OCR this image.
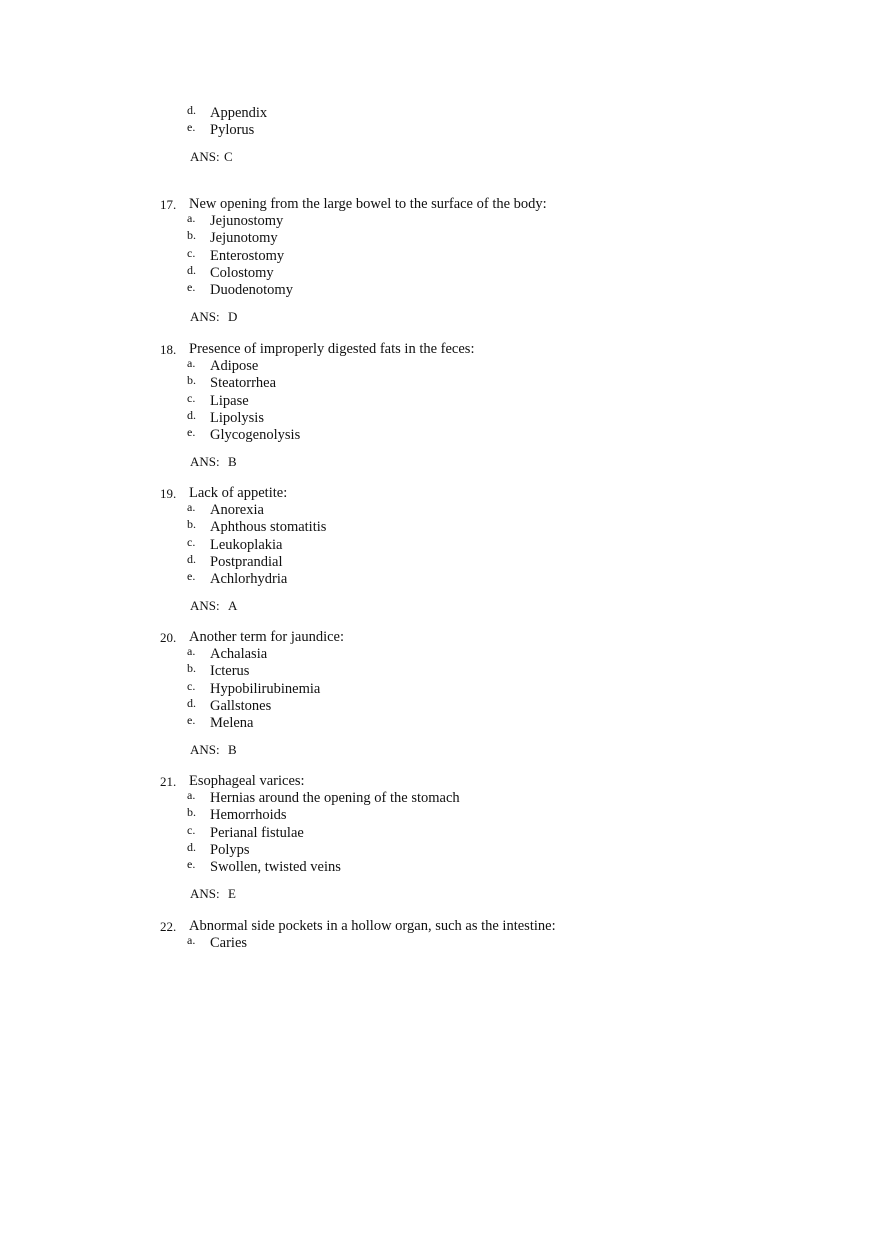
d. Appendix
e. Pylorus
ANS: C
17. New opening from the large bowel to the surface of the body:
a. Jejunostomy
b. Jejunotomy
c. Enterostomy
d. Colostomy
e. Duodenotomy
ANS: D
18. Presence of improperly digested fats in the feces:
a. Adipose
b. Steatorrhea
c. Lipase
d. Lipolysis
e. Glycogenolysis
ANS: B
19. Lack of appetite:
a. Anorexia
b. Aphthous stomatitis
c. Leukoplakia
d. Postprandial
e. Achlorhydria
ANS: A
20. Another term for jaundice:
a. Achalasia
b. Icterus
c. Hypobilirubinemia
d. Gallstones
e. Melena
ANS: B
21. Esophageal varices:
a. Hernias around the opening of the stomach
b. Hemorrhoids
c. Perianal fistulae
d. Polyps
e. Swollen, twisted veins
ANS: E
22. Abnormal side pockets in a hollow organ, such as the intestine:
a. Caries
